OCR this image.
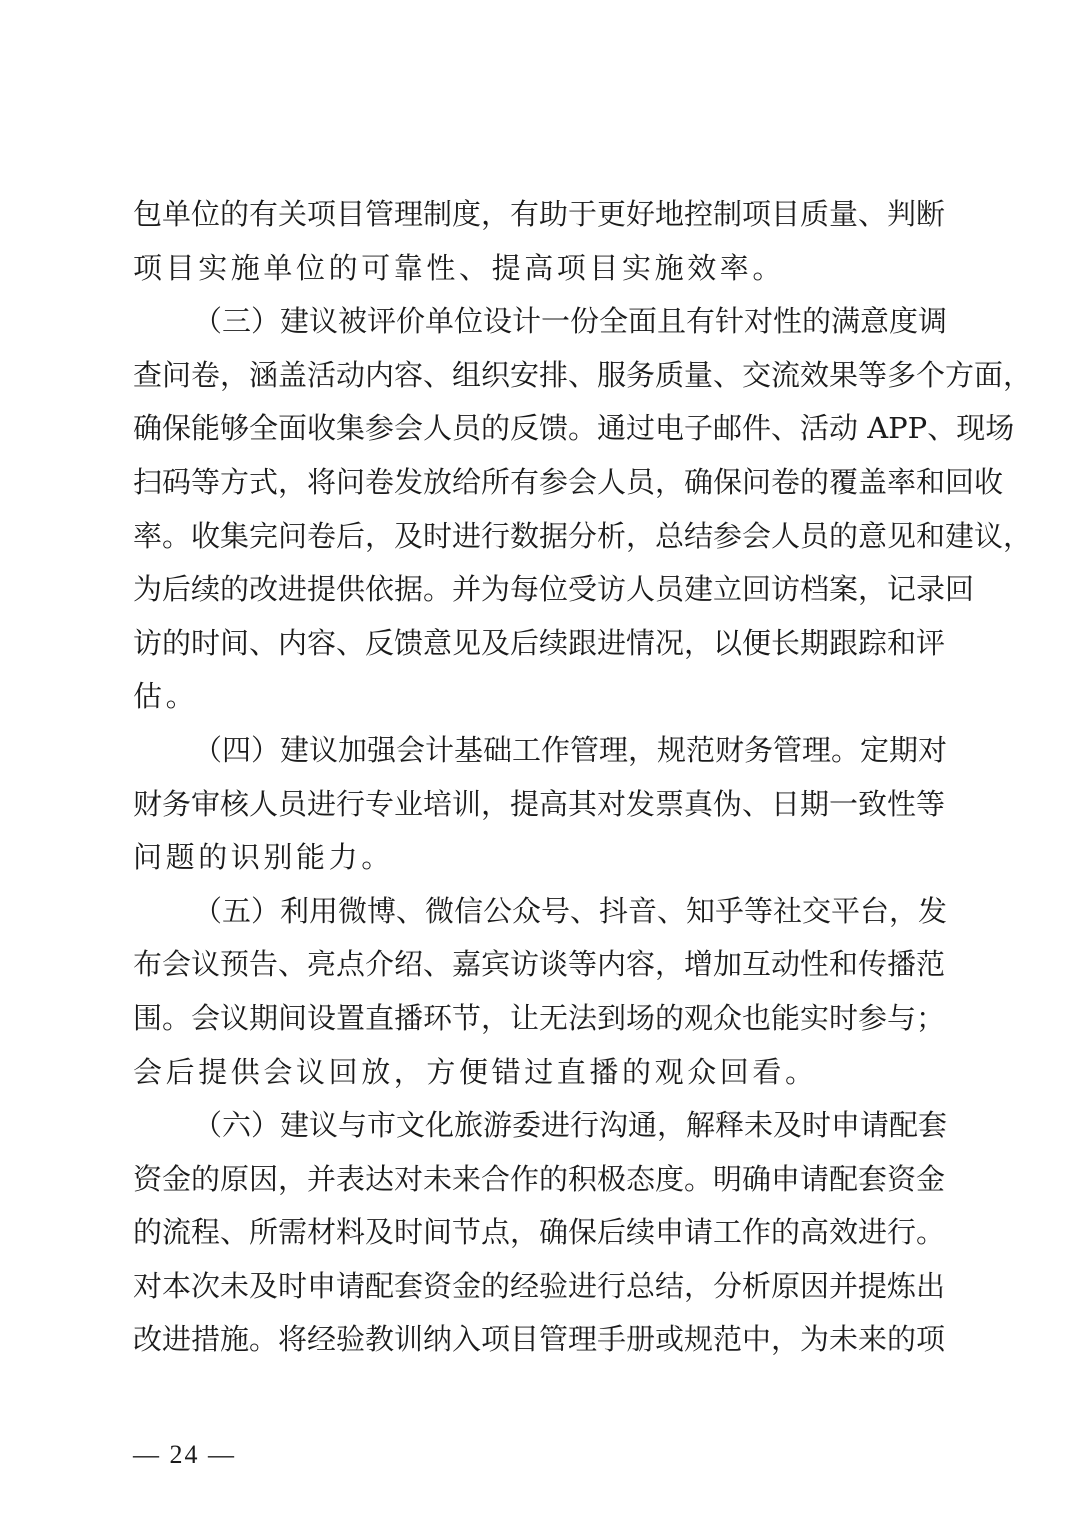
包单位的有关项目管理制度，有助于更好地控制项目质量、判断
项目实施单位的可靠性、提高项目实施效率。
（三）建议被评价单位设计一份全面且有针对性的满意度调
查问卷，涵盖活动内容、组织安排、服务质量、交流效果等多个方面，
确保能够全面收集参会人员的反馈。通过电子邮件、活动 APP、现场
扫码等方式，将问卷发放给所有参会人员，确保问卷的覆盖率和回收
率。收集完问卷后，及时进行数据分析，总结参会人员的意见和建议，
为后续的改进提供依据。并为每位受访人员建立回访档案，记录回
访的时间、内容、反馈意见及后续跟进情况，以便长期跟踪和评
估。
（四）建议加强会计基础工作管理，规范财务管理。定期对
财务审核人员进行专业培训，提高其对发票真伪、日期一致性等
问题的识别能力。
（五）利用微博、微信公众号、抖音、知乎等社交平台，发
布会议预告、亮点介绍、嘉宾访谈等内容，增加互动性和传播范
围。会议期间设置直播环节，让无法到场的观众也能实时参与；
会后提供会议回放，方便错过直播的观众回看。
（六）建议与市文化旅游委进行沟通，解释未及时申请配套
资金的原因，并表达对未来合作的积极态度。明确申请配套资金
的流程、所需材料及时间节点，确保后续申请工作的高效进行。
对本次未及时申请配套资金的经验进行总结，分析原因并提炼出
改进措施。将经验教训纳入项目管理手册或规范中，为未来的项
— 24 —
